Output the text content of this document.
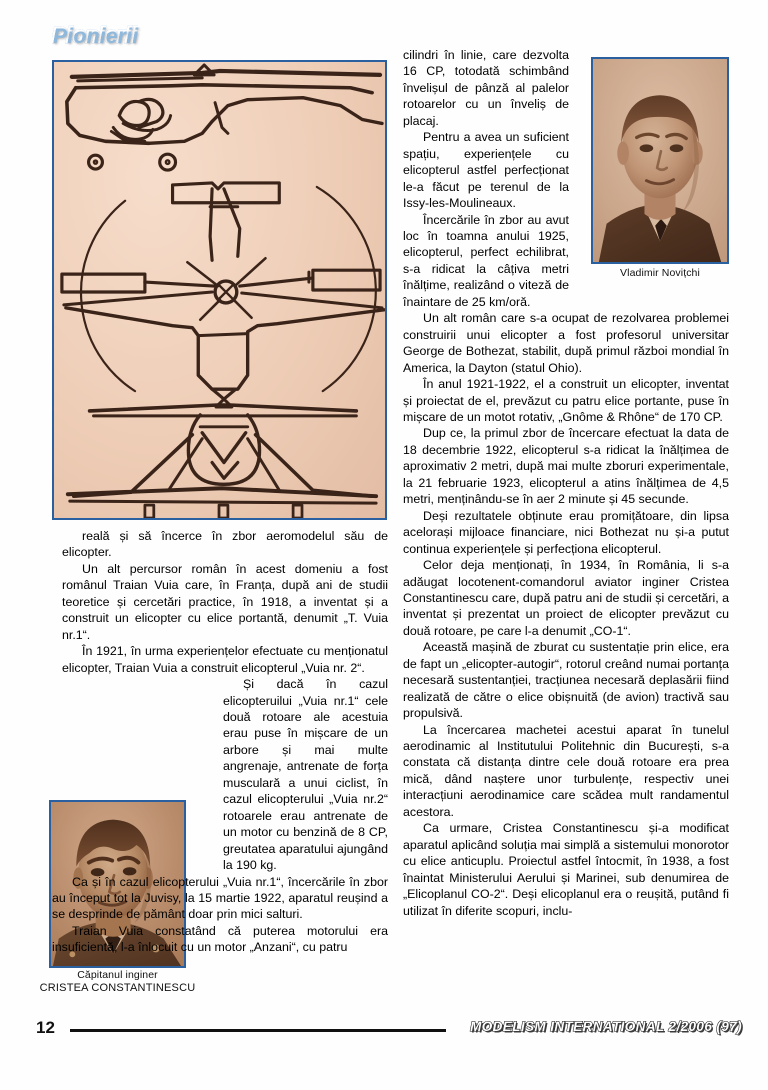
Pionierii
Vladimir Novițchi
Căpitanul inginer
CRISTEA CONSTANTINESCU

reală și să încerce în zbor aeromodelul său de elicopter.

Un alt percursor român în acest domeniu a fost românul Traian Vuia care, în Franța, după ani de studii teoretice și cercetări practice, în 1918, a inventat și a construit un elicopter cu elice portantă, denumit „T. Vuia nr.1“.

În 1921, în urma experiențelor efectuate cu menționatul elicopter, Traian Vuia a construit elicopterul „Vuia nr. 2“.

Și dacă în cazul elicopteruilui „Vuia nr.1“ cele două rotoare ale acestuia erau puse în mișcare de un arbore și mai multe angrenaje, antrenate de forța musculară a unui ciclist, în cazul elicopterului „Vuia nr.2“ rotoarele erau antrenate de un motor cu benzină de 8 CP, greutatea aparatului ajungând la 190 kg.

Ca și în cazul elicopterului „Vuia nr.1“, încercările în zbor au început tot la Juvisy, la 15 martie 1922, aparatul reușind a se desprinde de pământ doar prin mici salturi.

Traian Vuia constatând că puterea motorului era insuficientă, l-a înlocuit cu un motor „Anzani“, cu patru

cilindri în linie, care dezvolta 16 CP, totodată schimbând învelișul de pânză al palelor rotoarelor cu un înveliș de placaj.

Pentru a avea un suficient spațiu, experiențele cu elicopterul astfel perfecționat le-a făcut pe terenul de la Issy-les-Moulineaux.

Încercările în zbor au avut loc în toamna anului 1925, elicopterul, perfect echilibrat, s-a ridicat la câțiva metri înălțime, realizând o viteză de înaintare de 25 km/oră.

Un alt român care s-a ocupat de rezolvarea problemei construirii unui elicopter a fost profesorul universitar George de Bothezat, stabilit, după primul război mondial în America, la Dayton (statul Ohio).

În anul 1921-1922, el a construit un elicopter, inventat și proiectat de el, prevăzut cu patru elice portante, puse în mișcare de un motot rotativ, „Gnôme & Rhône“ de 170 CP.

Dup ce, la primul zbor de încercare efectuat la data de 18 decembrie 1922, elicopterul s-a ridicat la înălțimea de aproximativ 2 metri, după mai multe zboruri experimentale, la 21 februarie 1923, elicopterul a atins înălțimea de 4,5 metri, menținându-se în aer 2 minute și 45 secunde.

Deși rezultatele obținute erau promițătoare, din lipsa acelorași mijloace financiare, nici Bothezat nu și-a putut continua experiențele și perfecționa elicopterul.

Celor deja menționați, în 1934, în România, li s-a adăugat locotenent-comandorul aviator inginer Cristea Constantinescu care, după patru ani de studii și cercetări, a inventat și prezentat un proiect de elicopter prevăzut cu două rotoare, pe care l-a denumit „CO-1“.

Această mașină de zburat cu sustentație prin elice, era de fapt un „elicopter-autogir“, rotorul creând numai portanța necesară sustentanției, tracțiunea necesară deplasării fiind realizată de către o elice obișnuită (de avion) tractivă sau propulsivă.

La încercarea machetei acestui aparat în tunelul aerodinamic al Institutului Politehnic din București, s-a constata că distanța dintre cele două rotoare era prea mică, dând naștere unor turbulențe, respectiv unei interacțiuni aerodinamice care scădea mult randamentul acestora.

Ca urmare, Cristea Constantinescu și-a modificat aparatul aplicând soluția mai simplă a sistemului monorotor cu elice anticuplu. Proiectul astfel întocmit, în 1938, a fost înaintat Ministerului Aerului și Marinei, sub denumirea de „Elicoplanul CO-2“. Deși elicoplanul era o reușită, putând fi utilizat în diferite scopuri, inclu-

12	MODELISM INTERNATIONAL 2/2006 (97)
